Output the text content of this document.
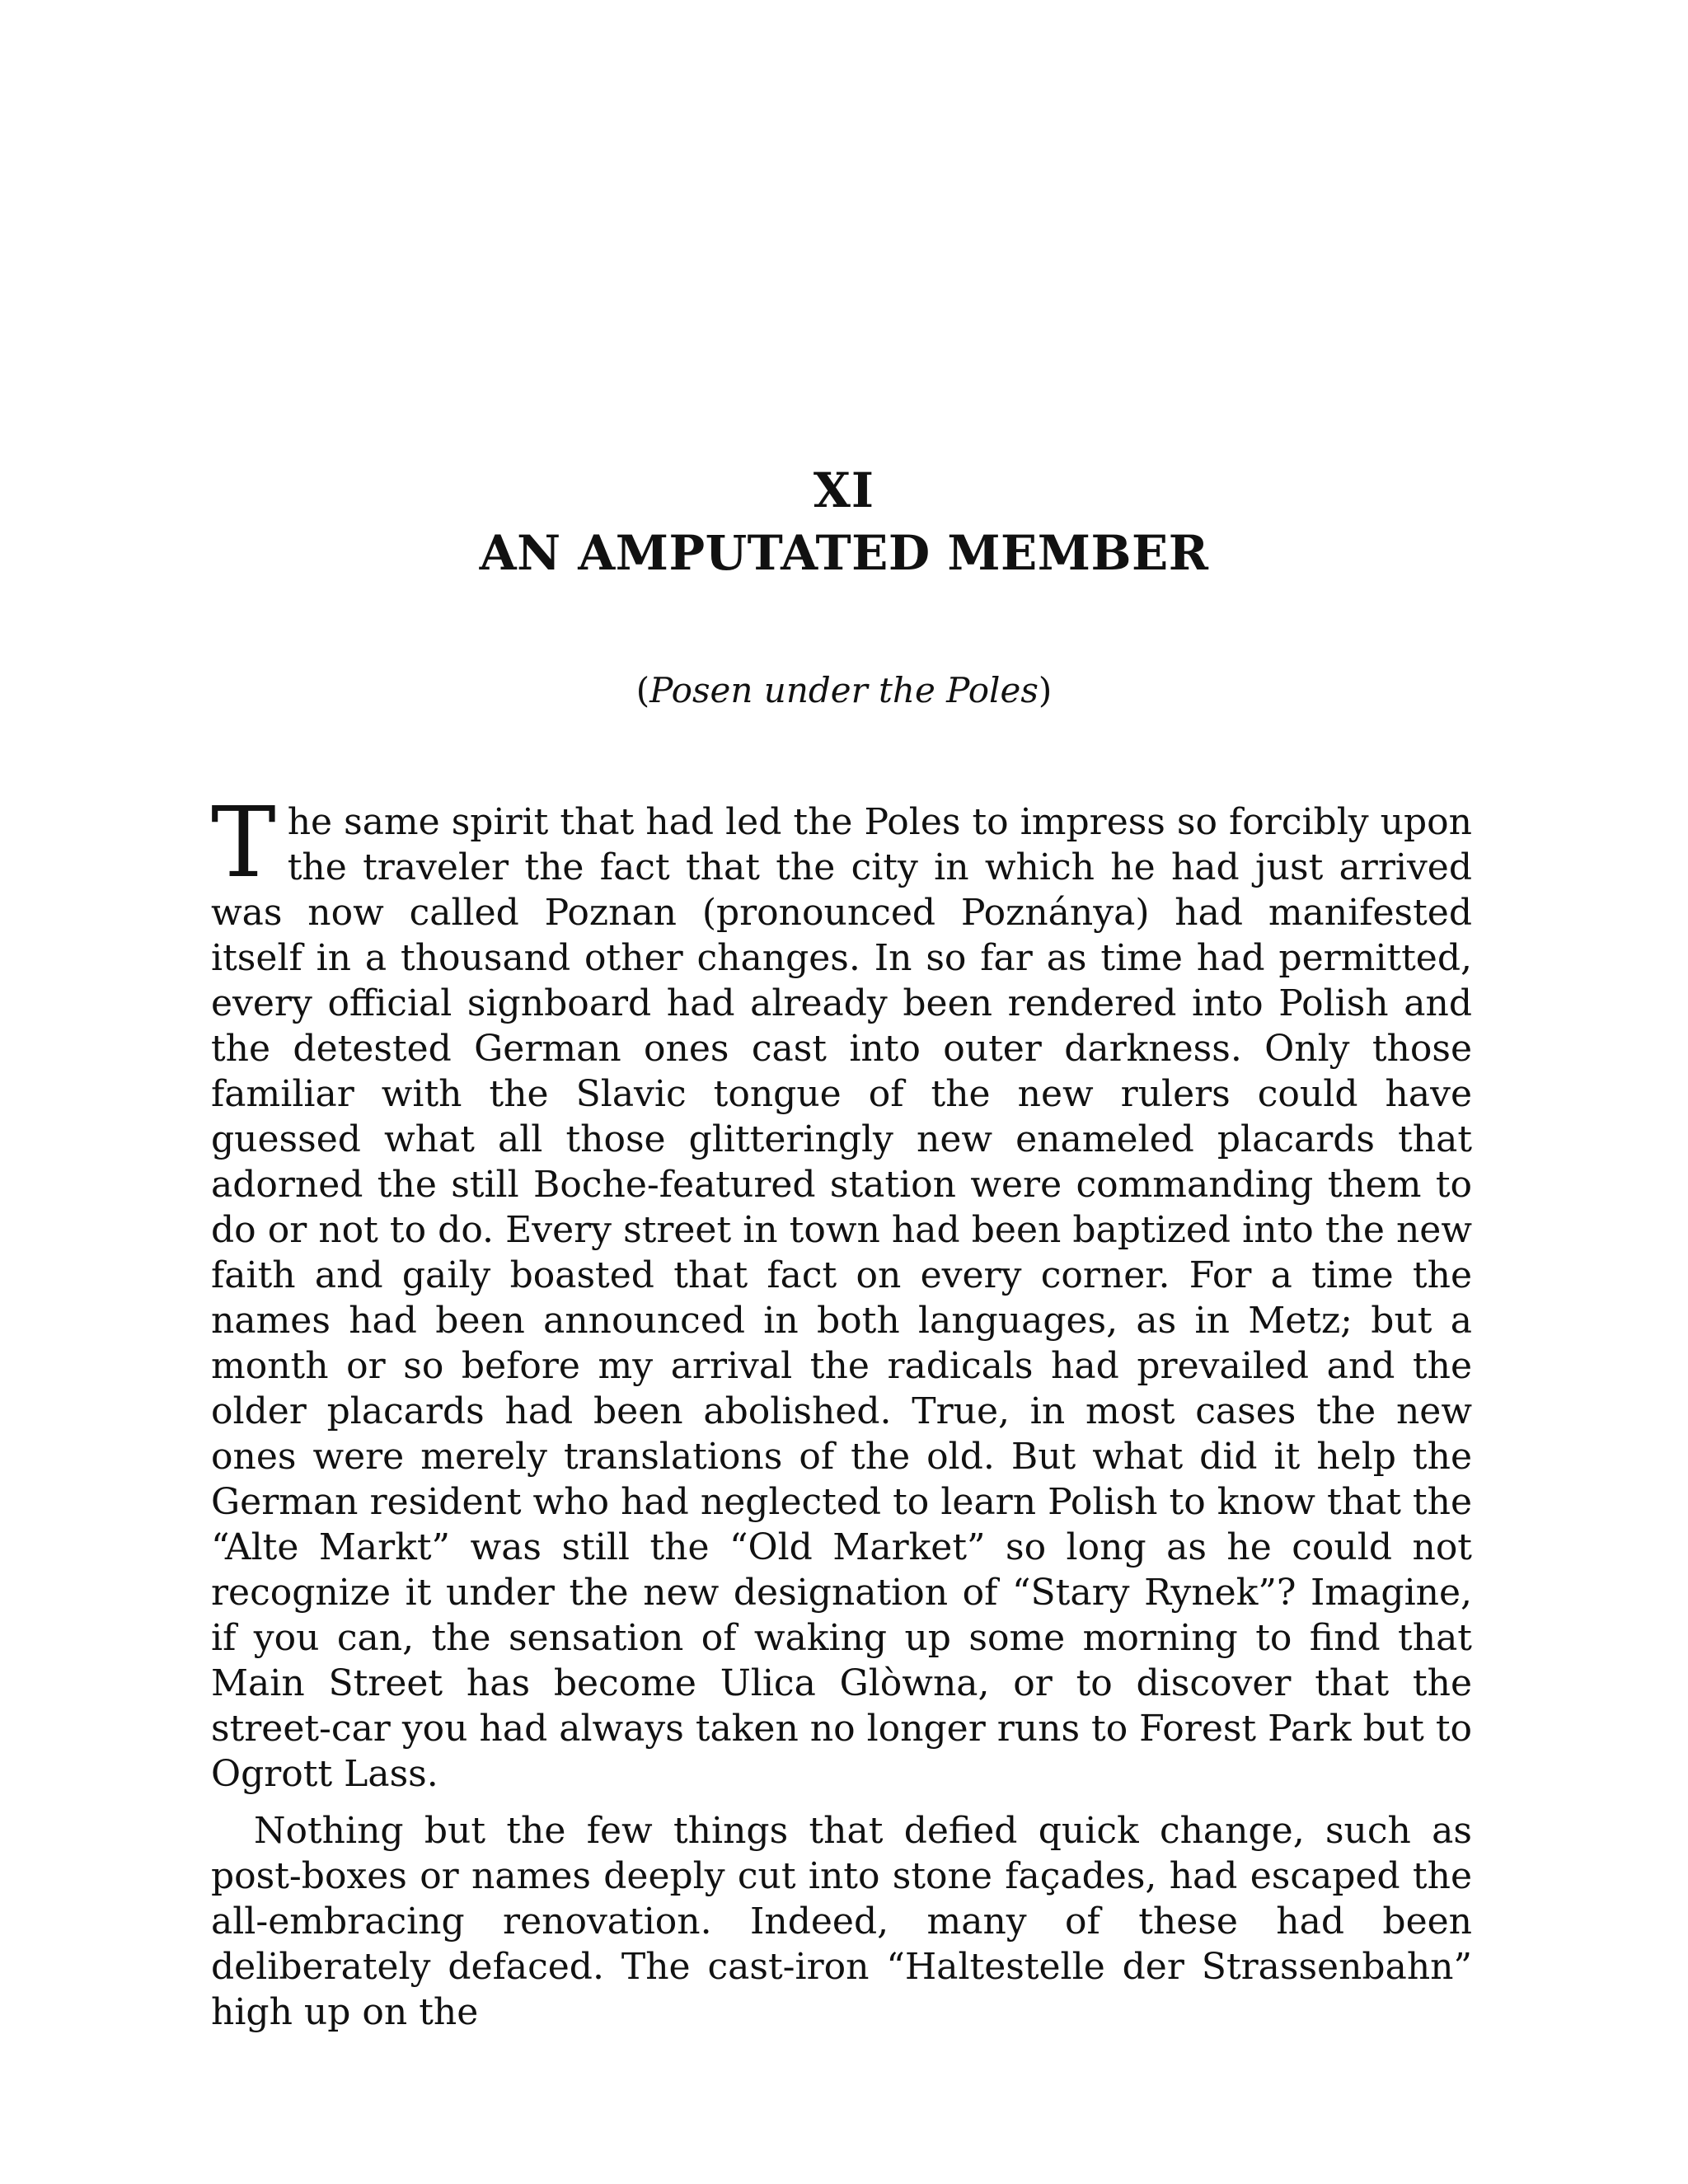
XI
AN AMPUTATED MEMBER
(Posen under the Poles)

The same spirit that had led the Poles to impress so forcibly upon the traveler the fact that the city in which he had just arrived was now called Poznan (pronounced Poznánya) had manifested itself in a thousand other changes. In so far as time had permitted, every official signboard had already been rendered into Polish and the detested German ones cast into outer darkness. Only those familiar with the Slavic tongue of the new rulers could have guessed what all those glitteringly new enameled placards that adorned the still Boche-featured station were commanding them to do or not to do. Every street in town had been baptized into the new faith and gaily boasted that fact on every corner. For a time the names had been announced in both languages, as in Metz; but a month or so before my arrival the radicals had prevailed and the older placards had been abolished. True, in most cases the new ones were merely translations of the old. But what did it help the German resident who had neglected to learn Polish to know that the “Alte Markt” was still the “Old Market” so long as he could not recognize it under the new designation of “Stary Rynek”? Imagine, if you can, the sensation of waking up some morning to find that Main Street has become Ulica Glòwna, or to discover that the street-car you had always taken no longer runs to Forest Park but to Ogrott Lass.

Nothing but the few things that defied quick change, such as post-boxes or names deeply cut into stone façades, had escaped the all-embracing renovation. Indeed, many of these had been deliberately defaced. The cast-iron “Haltestelle der Strassenbahn” high up on the
